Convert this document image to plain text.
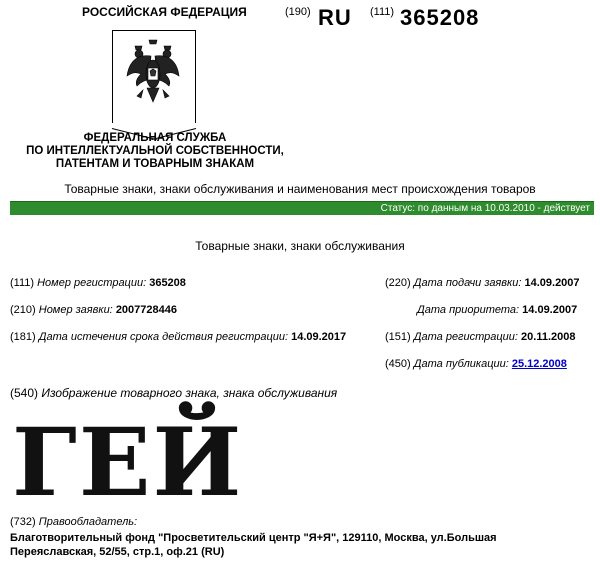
РОССИЙСКАЯ ФЕДЕРАЦИЯ	(190) RU (111) 365208
ФЕДЕРАЛЬНАЯ СЛУЖБА
ПО ИНТЕЛЛЕКТУАЛЬНОЙ СОБСТВЕННОСТИ,
ПАТЕНТАМ И ТОВАРНЫМ ЗНАКАМ
Товарные знаки, знаки обслуживания и наименования мест происхождения товаров
Статус: по данным на 10.03.2010 - действует
Товарные знаки, знаки обслуживания
(111) Номер регистрации: 365208
(210) Номер заявки: 2007728446
(181) Дата истечения срока действия регистрации: 14.09.2017
(220) Дата подачи заявки: 14.09.2007
Дата приоритета: 14.09.2007
(151) Дата регистрации: 20.11.2008
(450) Дата публикации: 25.12.2008
(540) Изображение товарного знака, знака обслуживания
ГЕЙ
(732) Правообладатель:
Благотворительный фонд "Просветительский центр "Я+Я", 129110, Москва, ул.Большая
Переяславская, 52/55, стр.1, оф.21 (RU)
